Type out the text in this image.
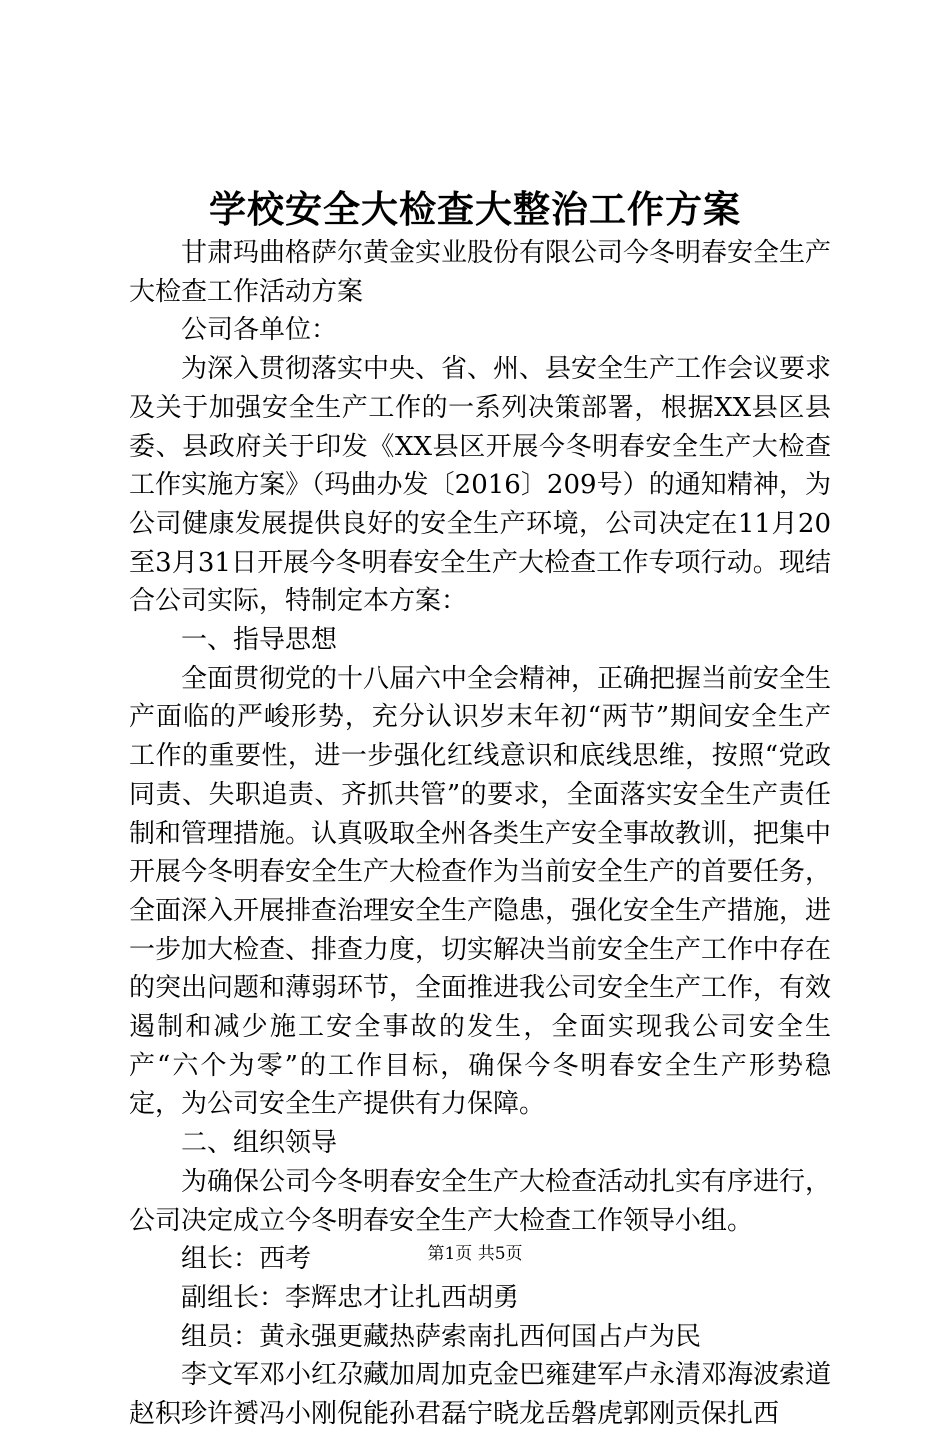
学校安全大检查大整治工作方案

甘肃玛曲格萨尔黄金实业股份有限公司今冬明春安全生产大检查工作活动方案

公司各单位：

为深入贯彻落实中央、省、州、县安全生产工作会议要求及关于加强安全生产工作的一系列决策部署，根据XX县区县委、县政府关于印发《XX县区开展今冬明春安全生产大检查工作实施方案》（玛曲办发〔2016〕209号）的通知精神，为公司健康发展提供良好的安全生产环境，公司决定在11月20至3月31日开展今冬明春安全生产大检查工作专项行动。现结合公司实际，特制定本方案：

一、指导思想

全面贯彻党的十八届六中全会精神，正确把握当前安全生产面临的严峻形势，充分认识岁末年初“两节”期间安全生产工作的重要性，进一步强化红线意识和底线思维，按照“党政同责、失职追责、齐抓共管”的要求，全面落实安全生产责任制和管理措施。认真吸取全州各类生产安全事故教训，把集中开展今冬明春安全生产大检查作为当前安全生产的首要任务，全面深入开展排查治理安全生产隐患，强化安全生产措施，进一步加大检查、排查力度，切实解决当前安全生产工作中存在的突出问题和薄弱环节，全面推进我公司安全生产工作，有效遏制和减少施工安全事故的发生，全面实现我公司安全生产“六个为零”的工作目标，确保今冬明春安全生产形势稳定，为公司安全生产提供有力保障。

二、组织领导

为确保公司今冬明春安全生产大检查活动扎实有序进行，公司决定成立今冬明春安全生产大检查工作领导小组。

组长：西考

副组长：李辉忠才让扎西胡勇

组员：黄永强更藏热萨索南扎西何国占卢为民

李文军邓小红尕藏加周加克金巴雍建军卢永清邓海波索道赵积珍许赟冯小刚倪能孙君磊宁晓龙岳磐虎郭刚贡保扎西

第1页 共5页
